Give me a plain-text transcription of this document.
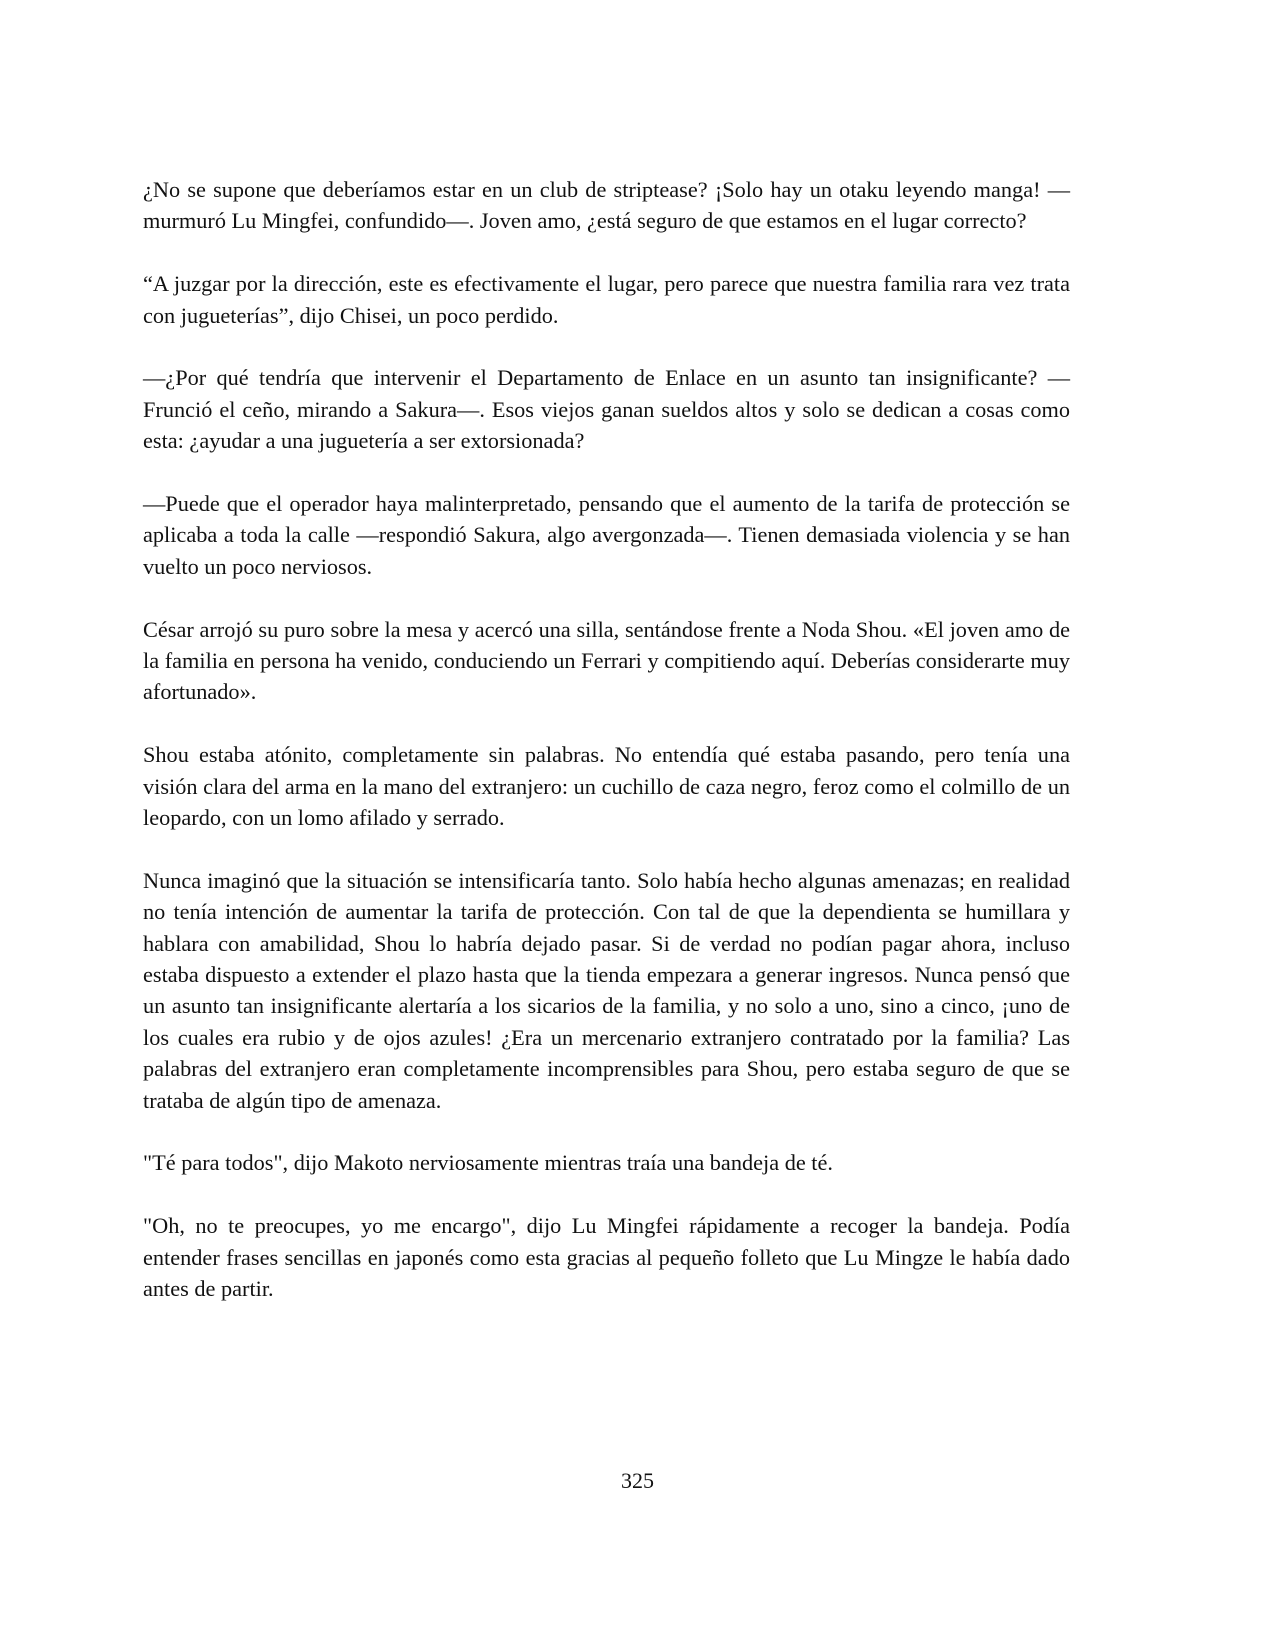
¿No se supone que deberíamos estar en un club de striptease? ¡Solo hay un otaku leyendo manga! —murmuró Lu Mingfei, confundido—. Joven amo, ¿está seguro de que estamos en el lugar correcto?

“A juzgar por la dirección, este es efectivamente el lugar, pero parece que nuestra familia rara vez trata con jugueterías”, dijo Chisei, un poco perdido.

—¿Por qué tendría que intervenir el Departamento de Enlace en un asunto tan insignificante? — Frunció el ceño, mirando a Sakura—. Esos viejos ganan sueldos altos y solo se dedican a cosas como esta: ¿ayudar a una juguetería a ser extorsionada?

—Puede que el operador haya malinterpretado, pensando que el aumento de la tarifa de protección se aplicaba a toda la calle —respondió Sakura, algo avergonzada—. Tienen demasiada violencia y se han vuelto un poco nerviosos.

César arrojó su puro sobre la mesa y acercó una silla, sentándose frente a Noda Shou. «El joven amo de la familia en persona ha venido, conduciendo un Ferrari y compitiendo aquí. Deberías considerarte muy afortunado».

Shou estaba atónito, completamente sin palabras. No entendía qué estaba pasando, pero tenía una visión clara del arma en la mano del extranjero: un cuchillo de caza negro, feroz como el colmillo de un leopardo, con un lomo afilado y serrado.

Nunca imaginó que la situación se intensificaría tanto. Solo había hecho algunas amenazas; en realidad no tenía intención de aumentar la tarifa de protección. Con tal de que la dependienta se humillara y hablara con amabilidad, Shou lo habría dejado pasar. Si de verdad no podían pagar ahora, incluso estaba dispuesto a extender el plazo hasta que la tienda empezara a generar ingresos. Nunca pensó que un asunto tan insignificante alertaría a los sicarios de la familia, y no solo a uno, sino a cinco, ¡uno de los cuales era rubio y de ojos azules! ¿Era un mercenario extranjero contratado por la familia? Las palabras del extranjero eran completamente incomprensibles para Shou, pero estaba seguro de que se trataba de algún tipo de amenaza.

"Té para todos", dijo Makoto nerviosamente mientras traía una bandeja de té.

"Oh, no te preocupes, yo me encargo", dijo Lu Mingfei rápidamente a recoger la bandeja. Podía entender frases sencillas en japonés como esta gracias al pequeño folleto que Lu Mingze le había dado antes de partir.

325
